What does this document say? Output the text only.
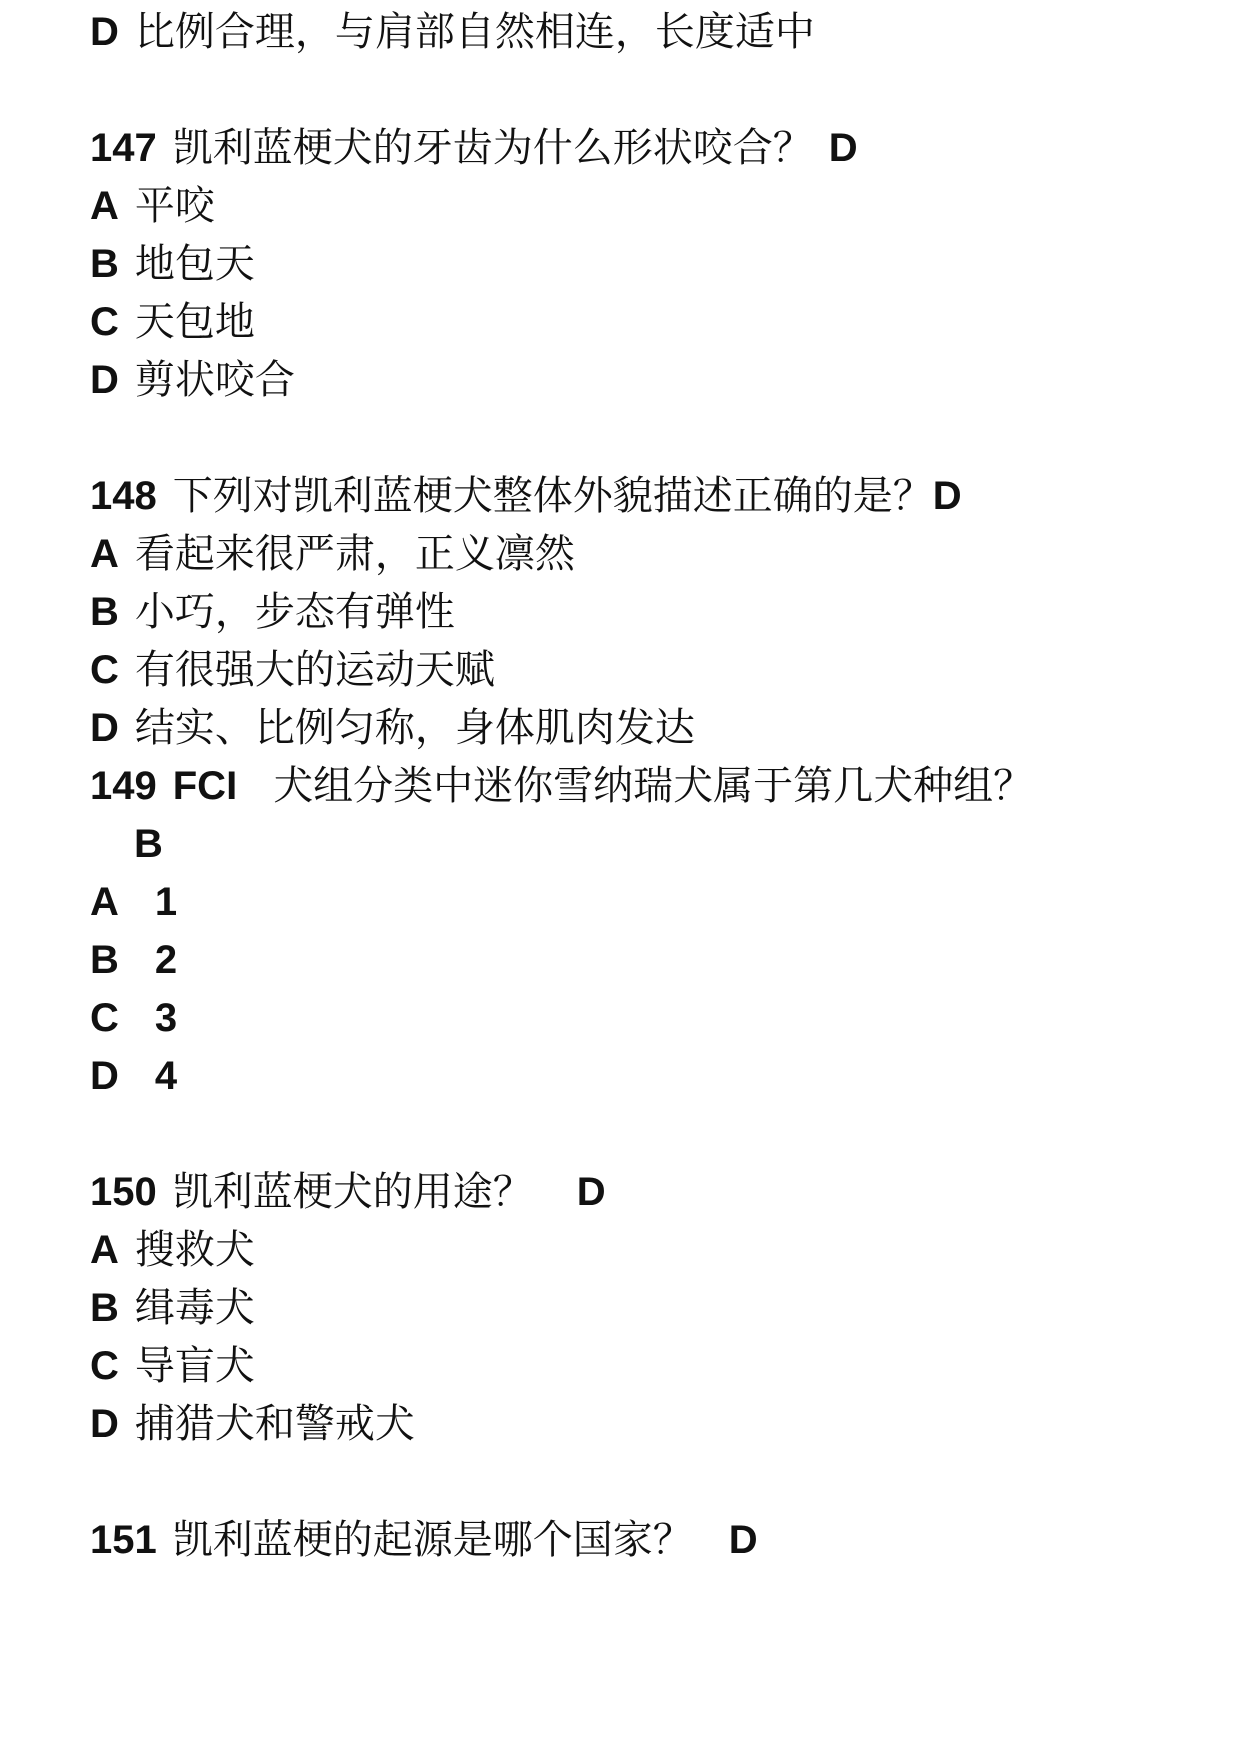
D 比例合理，与肩部自然相连，长度适中
147 凯利蓝梗犬的牙齿为什么形状咬合？ D
A 平咬
B 地包天
C 天包地
D 剪状咬合
148 下列对凯利蓝梗犬整体外貌描述正确的是？D
A 看起来很严肃，正义凛然
B 小巧，步态有弹性
C 有很强大的运动天赋
D 结实、比例匀称，身体肌肉发达
149 FCI 犬组分类中迷你雪纳瑞犬属于第几犬种组？
B
A 1
B 2
C 3
D 4
150 凯利蓝梗犬的用途？ D
A 搜救犬
B 缉毒犬
C 导盲犬
D 捕猎犬和警戒犬
151 凯利蓝梗的起源是哪个国家？ D
